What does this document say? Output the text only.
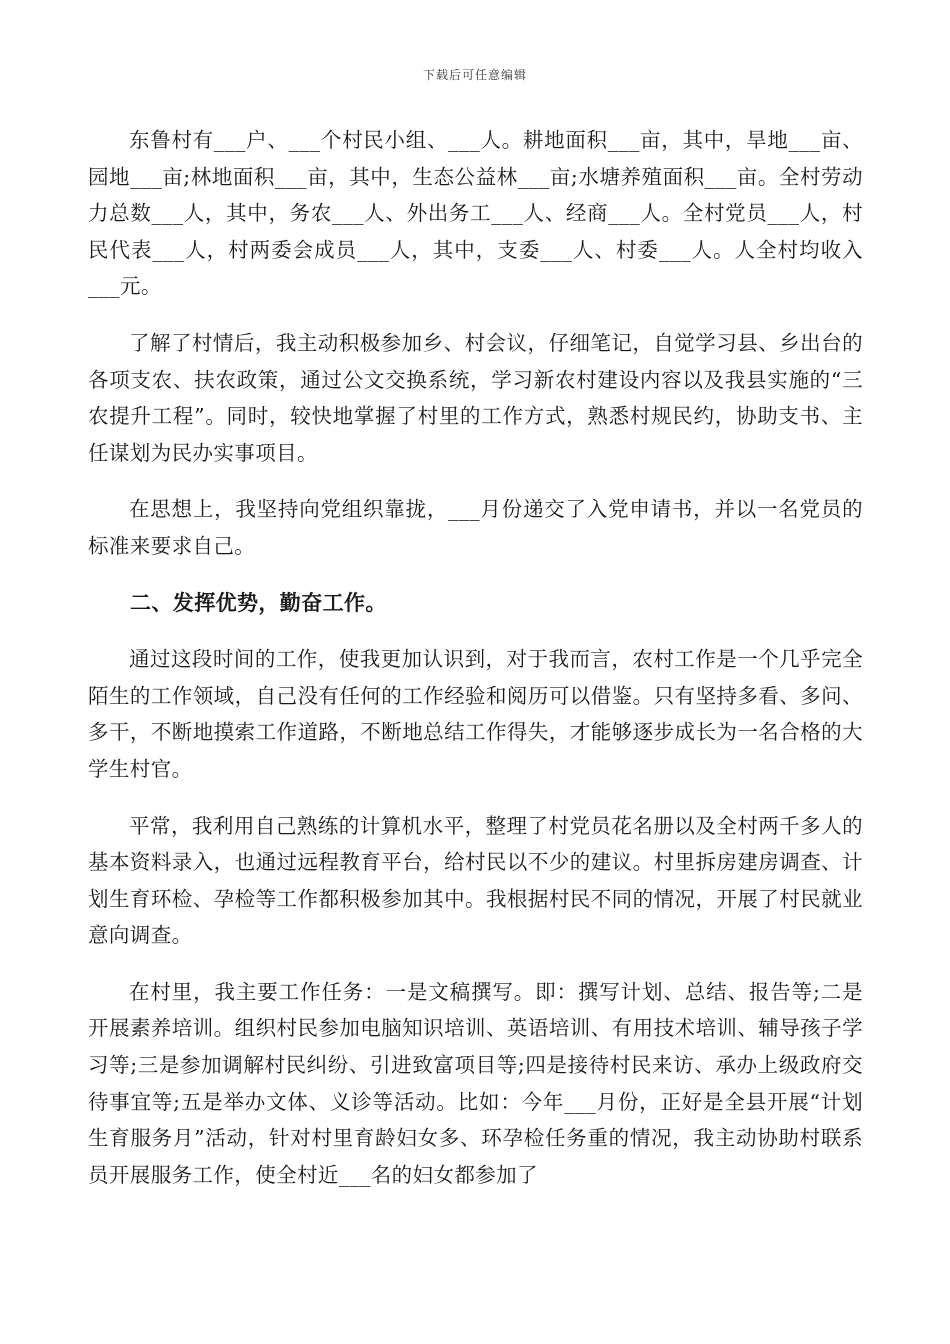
下载后可任意编辑

东鲁村有___户、___个村民小组、___人。耕地面积___亩，其中，旱地___亩、园地___亩;林地面积___亩，其中，生态公益林___亩;水塘养殖面积___亩。全村劳动力总数___人，其中，务农___人、外出务工___人、经商___人。全村党员___人，村民代表___人，村两委会成员___人，其中，支委___人、村委___人。人全村均收入___元。

了解了村情后，我主动积极参加乡、村会议，仔细笔记，自觉学习县、乡出台的各项支农、扶农政策，通过公文交换系统，学习新农村建设内容以及我县实施的“三农提升工程”。同时，较快地掌握了村里的工作方式，熟悉村规民约，协助支书、主任谋划为民办实事项目。

在思想上，我坚持向党组织靠拢，___月份递交了入党申请书，并以一名党员的标准来要求自己。

二、发挥优势，勤奋工作。

通过这段时间的工作，使我更加认识到，对于我而言，农村工作是一个几乎完全陌生的工作领域，自己没有任何的工作经验和阅历可以借鉴。只有坚持多看、多问、多干，不断地摸索工作道路，不断地总结工作得失，才能够逐步成长为一名合格的大学生村官。

平常，我利用自己熟练的计算机水平，整理了村党员花名册以及全村两千多人的基本资料录入，也通过远程教育平台，给村民以不少的建议。村里拆房建房调查、计划生育环检、孕检等工作都积极参加其中。我根据村民不同的情况，开展了村民就业意向调查。

在村里，我主要工作任务：一是文稿撰写。即：撰写计划、总结、报告等;二是开展素养培训。组织村民参加电脑知识培训、英语培训、有用技术培训、辅导孩子学习等;三是参加调解村民纠纷、引进致富项目等;四是接待村民来访、承办上级政府交待事宜等;五是举办文体、义诊等活动。比如：今年___月份，正好是全县开展“计划生育服务月”活动，针对村里育龄妇女多、环孕检任务重的情况，我主动协助村联系员开展服务工作，使全村近___名的妇女都参加了
